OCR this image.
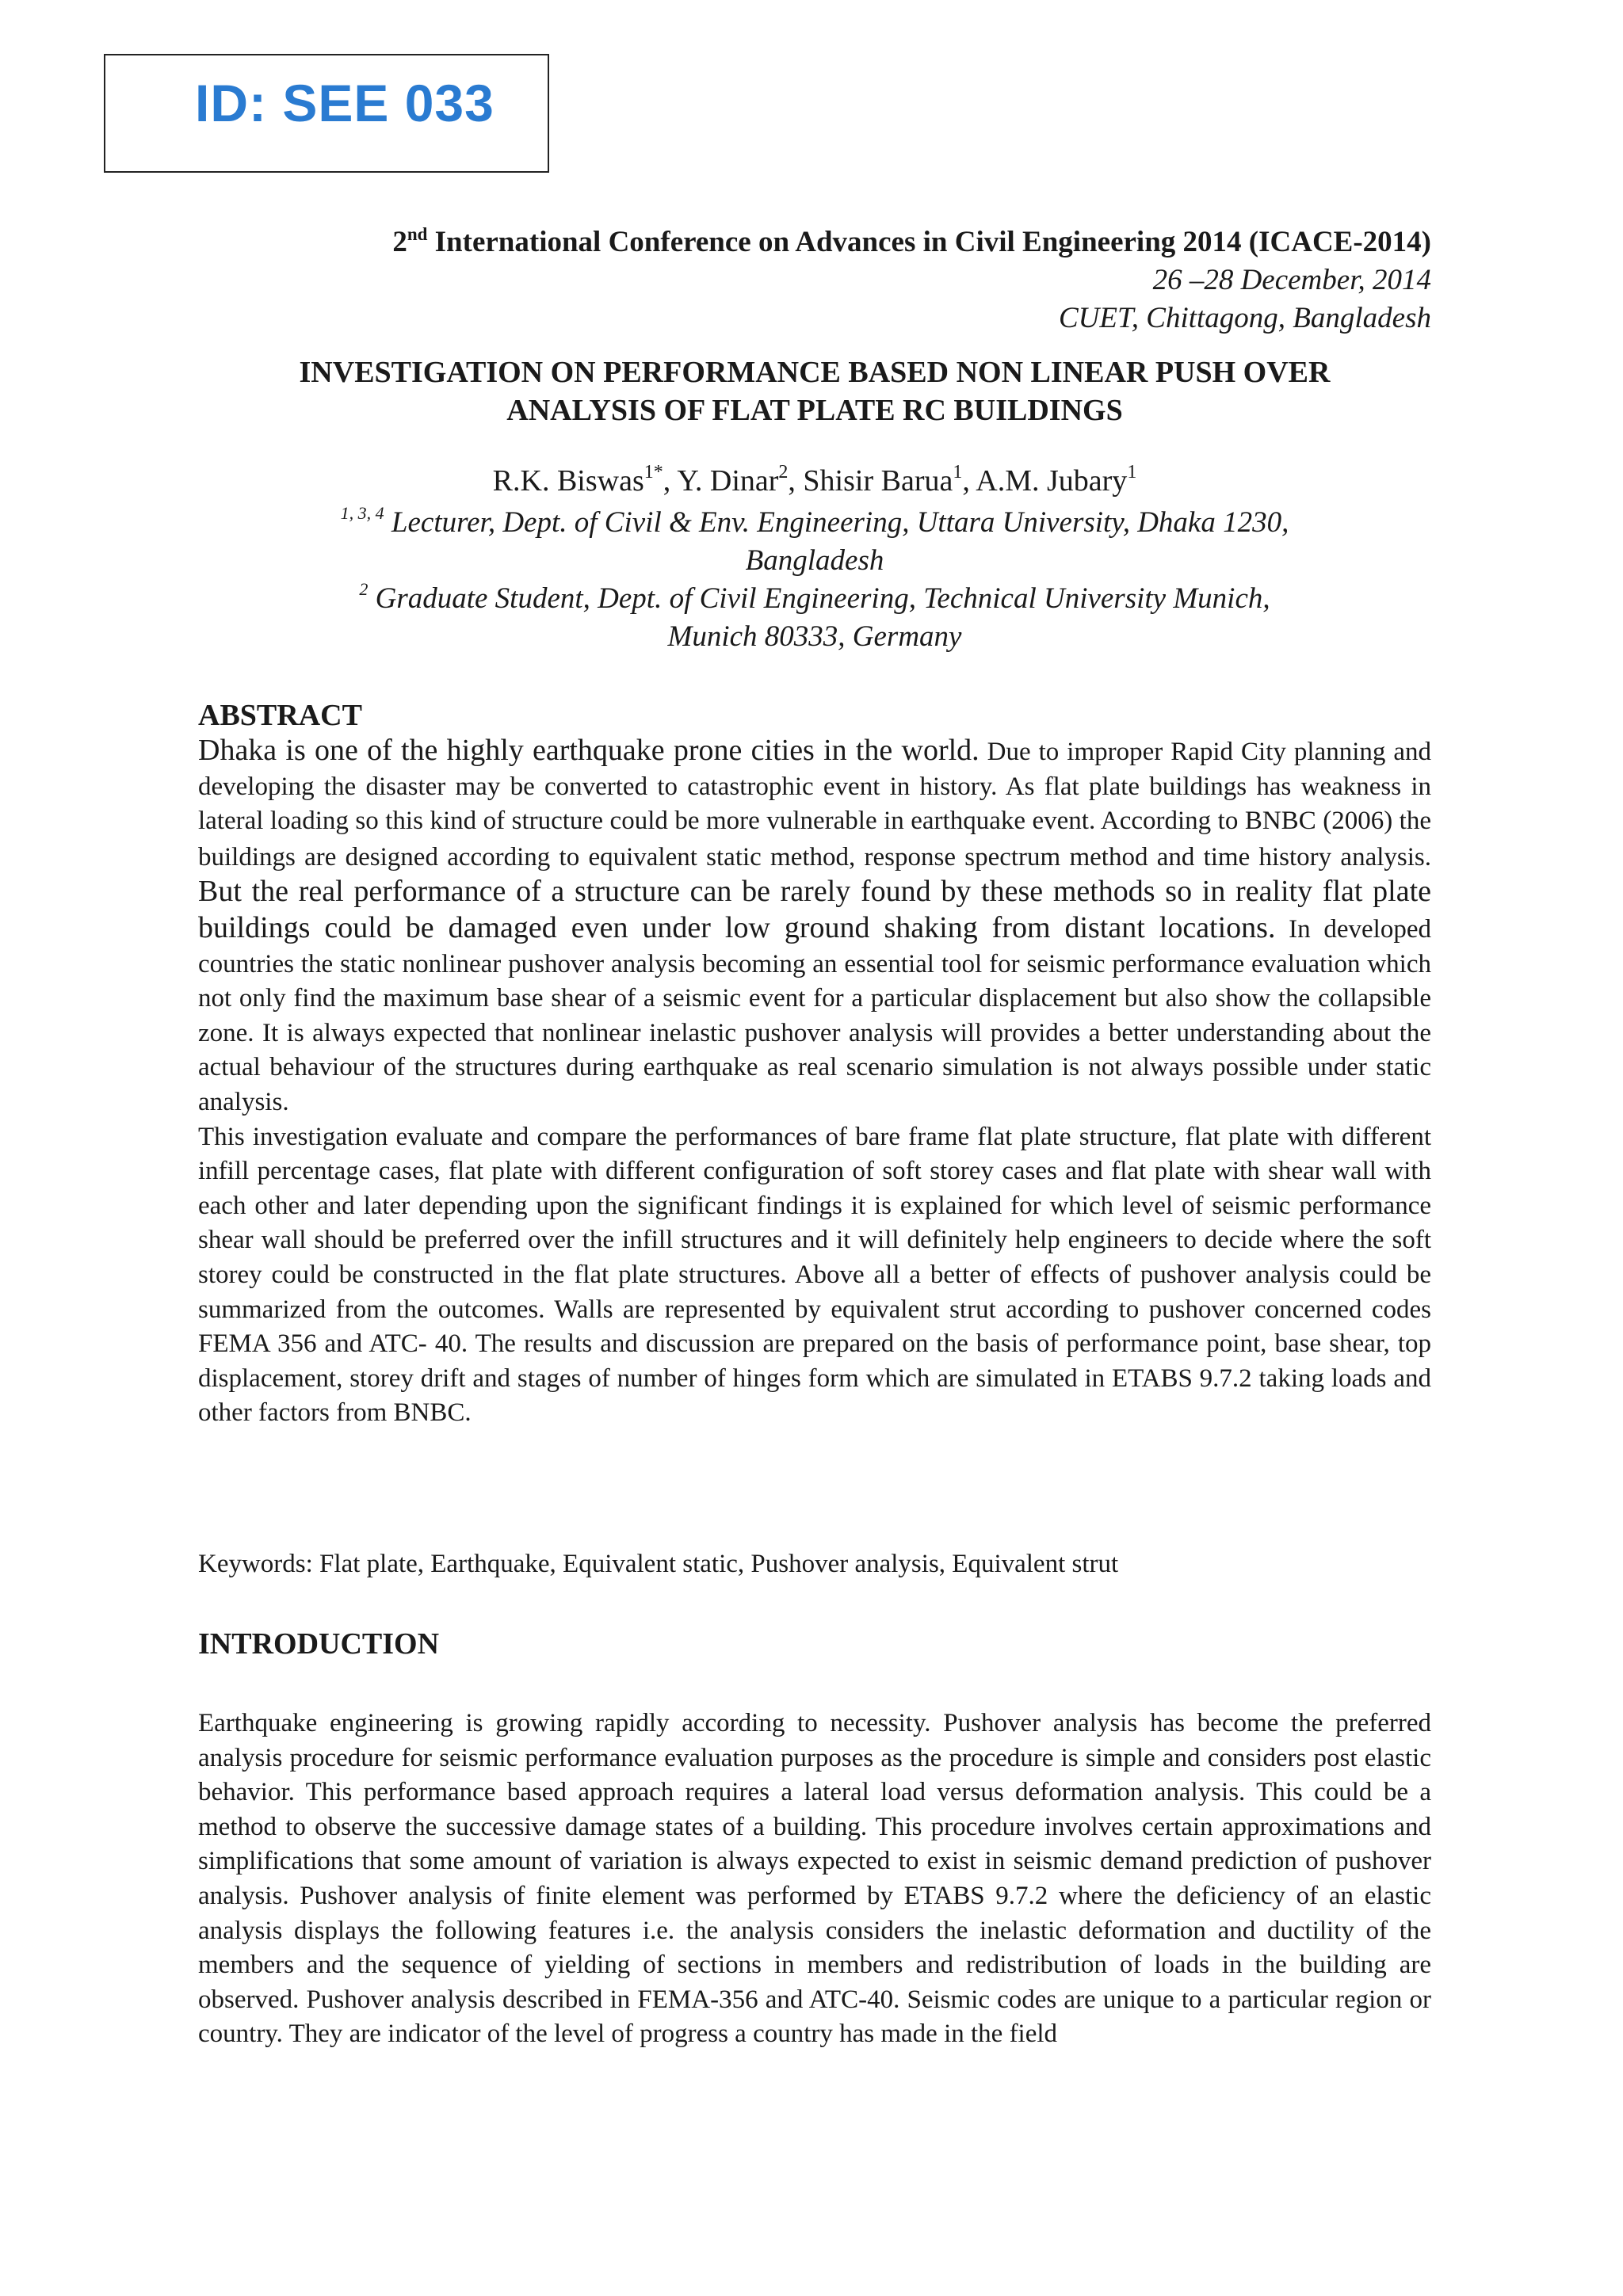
ID: SEE 033
2nd International Conference on Advances in Civil Engineering 2014 (ICACE-2014)
26 –28 December, 2014
CUET, Chittagong, Bangladesh
INVESTIGATION ON PERFORMANCE BASED NON LINEAR PUSH OVER
ANALYSIS OF FLAT PLATE RC BUILDINGS
R.K. Biswas$^{1*}$, Y. Dinar$^2$, Shisir Barua$^1$, A.M. Jubary$^1$
$^{1, 3, 4}$ Lecturer, Dept. of Civil & Env. Engineering, Uttara University, Dhaka 1230,
Bangladesh
$^2$ Graduate Student, Dept. of Civil Engineering, Technical University Munich,
Munich 80333, Germany
ABSTRACT

Dhaka is one of the highly earthquake prone cities in the world. Due to improper Rapid City planning and developing the disaster may be converted to catastrophic event in history. As flat plate buildings has weakness in lateral loading so this kind of structure could be more vulnerable in earthquake event. According to BNBC (2006) the buildings are designed according to equivalent static method, response spectrum method and time history analysis. But the real performance of a structure can be rarely found by these methods so in reality flat plate buildings could be damaged even under low ground shaking from distant locations. In developed countries the static nonlinear pushover analysis becoming an essential tool for seismic performance evaluation which not only find the maximum base shear of a seismic event for a particular displacement but also show the collapsible zone. It is always expected that nonlinear inelastic pushover analysis will provides a better understanding about the actual behaviour of the structures during earthquake as real scenario simulation is not always possible under static analysis.

This investigation evaluate and compare the performances of bare frame flat plate structure, flat plate with different infill percentage cases, flat plate with different configuration of soft storey cases and flat plate with shear wall with each other and later depending upon the significant findings it is explained for which level of seismic performance shear wall should be preferred over the infill structures and it will definitely help engineers to decide where the soft storey could be constructed in the flat plate structures. Above all a better of effects of pushover analysis could be summarized from the outcomes. Walls are represented by equivalent strut according to pushover concerned codes FEMA 356 and ATC- 40. The results and discussion are prepared on the basis of performance point, base shear, top displacement, storey drift and stages of number of hinges form which are simulated in ETABS 9.7.2 taking loads and other factors from BNBC.

Keywords: Flat plate, Earthquake, Equivalent static, Pushover analysis, Equivalent strut

INTRODUCTION

Earthquake engineering is growing rapidly according to necessity. Pushover analysis has become the preferred analysis procedure for seismic performance evaluation purposes as the procedure is simple and considers post elastic behavior. This performance based approach requires a lateral load versus deformation analysis. This could be a method to observe the successive damage states of a building. This procedure involves certain approximations and simplifications that some amount of variation is always expected to exist in seismic demand prediction of pushover analysis. Pushover analysis of finite element was performed by ETABS 9.7.2 where the deficiency of an elastic analysis displays the following features i.e. the analysis considers the inelastic deformation and ductility of the members and the sequence of yielding of sections in members and redistribution of loads in the building are observed. Pushover analysis described in FEMA-356 and ATC-40. Seismic codes are unique to a particular region or country. They are indicator of the level of progress a country has made in the field
